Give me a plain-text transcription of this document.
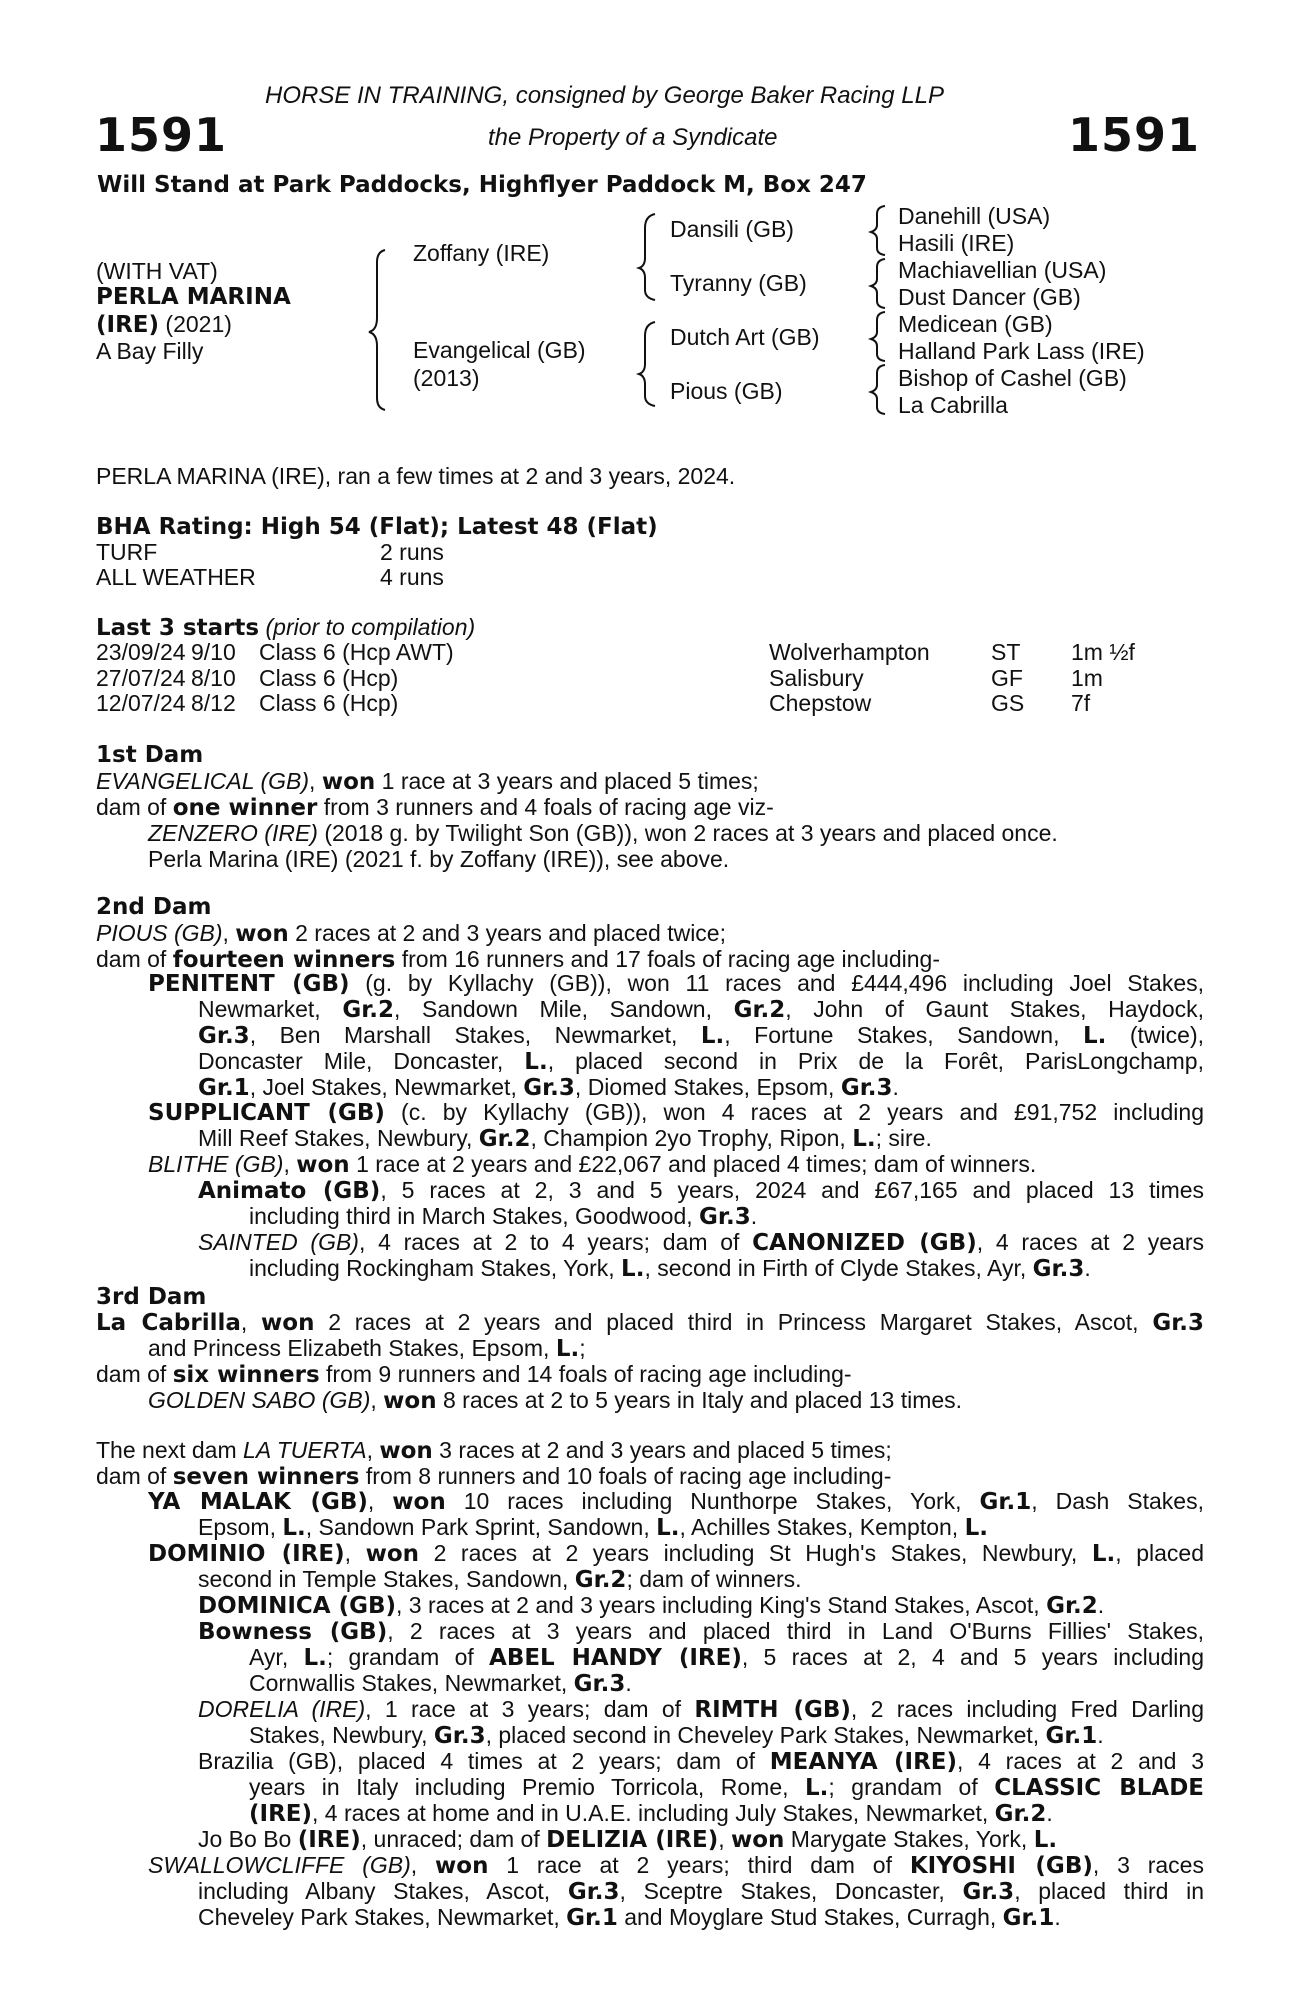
1591	1591
HORSE IN TRAINING, consigned by George Baker Racing LLP
the Property of a Syndicate
Will Stand at Park Paddocks, Highflyer Paddock M, Box 247
(WITH VAT)
PERLA MARINA
(IRE) (2021)
A Bay Filly
Zoffany (IRE)
Evangelical (GB)
(2013)
Dansili (GB)
Tyranny (GB)
Dutch Art (GB)
Pious (GB)
Danehill (USA)
Hasili (IRE)
Machiavellian (USA)
Dust Dancer (GB)
Medicean (GB)
Halland Park Lass (IRE)
Bishop of Cashel (GB)
La Cabrilla
PERLA MARINA (IRE), ran a few times at 2 and 3 years, 2024.
BHA Rating: High 54 (Flat); Latest 48 (Flat)
TURF	2 runs
ALL WEATHER	4 runs
Last 3 starts (prior to compilation)
23/09/24	9/10	Class 6 (Hcp AWT)	Wolverhampton	ST	1m ½f
27/07/24	8/10	Class 6 (Hcp)	Salisbury	GF	1m
12/07/24	8/12	Class 6 (Hcp)	Chepstow	GS	7f
1st Dam
EVANGELICAL (GB), won 1 race at 3 years and placed 5 times;
dam of one winner from 3 runners and 4 foals of racing age viz-
ZENZERO (IRE) (2018 g. by Twilight Son (GB)), won 2 races at 3 years and placed once.
Perla Marina (IRE) (2021 f. by Zoffany (IRE)), see above.
2nd Dam
PIOUS (GB), won 2 races at 2 and 3 years and placed twice;
dam of fourteen winners from 16 runners and 17 foals of racing age including-
PENITENT (GB) (g. by Kyllachy (GB)), won 11 races and £444,496 including Joel Stakes,
Newmarket, Gr.2, Sandown Mile, Sandown, Gr.2, John of Gaunt Stakes, Haydock,
Gr.3, Ben Marshall Stakes, Newmarket, L., Fortune Stakes, Sandown, L. (twice),
Doncaster Mile, Doncaster, L., placed second in Prix de la Forêt, ParisLongchamp,
Gr.1, Joel Stakes, Newmarket, Gr.3, Diomed Stakes, Epsom, Gr.3.
SUPPLICANT (GB) (c. by Kyllachy (GB)), won 4 races at 2 years and £91,752 including
Mill Reef Stakes, Newbury, Gr.2, Champion 2yo Trophy, Ripon, L.; sire.
BLITHE (GB), won 1 race at 2 years and £22,067 and placed 4 times; dam of winners.
Animato (GB), 5 races at 2, 3 and 5 years, 2024 and £67,165 and placed 13 times
including third in March Stakes, Goodwood, Gr.3.
SAINTED (GB), 4 races at 2 to 4 years; dam of CANONIZED (GB), 4 races at 2 years
including Rockingham Stakes, York, L., second in Firth of Clyde Stakes, Ayr, Gr.3.
3rd Dam
La Cabrilla, won 2 races at 2 years and placed third in Princess Margaret Stakes, Ascot, Gr.3
and Princess Elizabeth Stakes, Epsom, L.;
dam of six winners from 9 runners and 14 foals of racing age including-
GOLDEN SABO (GB), won 8 races at 2 to 5 years in Italy and placed 13 times.
The next dam LA TUERTA, won 3 races at 2 and 3 years and placed 5 times;
dam of seven winners from 8 runners and 10 foals of racing age including-
YA MALAK (GB), won 10 races including Nunthorpe Stakes, York, Gr.1, Dash Stakes,
Epsom, L., Sandown Park Sprint, Sandown, L., Achilles Stakes, Kempton, L.
DOMINIO (IRE), won 2 races at 2 years including St Hugh's Stakes, Newbury, L., placed
second in Temple Stakes, Sandown, Gr.2; dam of winners.
DOMINICA (GB), 3 races at 2 and 3 years including King's Stand Stakes, Ascot, Gr.2.
Bowness (GB), 2 races at 3 years and placed third in Land O'Burns Fillies' Stakes,
Ayr, L.; grandam of ABEL HANDY (IRE), 5 races at 2, 4 and 5 years including
Cornwallis Stakes, Newmarket, Gr.3.
DORELIA (IRE), 1 race at 3 years; dam of RIMTH (GB), 2 races including Fred Darling
Stakes, Newbury, Gr.3, placed second in Cheveley Park Stakes, Newmarket, Gr.1.
Brazilia (GB), placed 4 times at 2 years; dam of MEANYA (IRE), 4 races at 2 and 3
years in Italy including Premio Torricola, Rome, L.; grandam of CLASSIC BLADE
(IRE), 4 races at home and in U.A.E. including July Stakes, Newmarket, Gr.2.
Jo Bo Bo (IRE), unraced; dam of DELIZIA (IRE), won Marygate Stakes, York, L.
SWALLOWCLIFFE (GB), won 1 race at 2 years; third dam of KIYOSHI (GB), 3 races
including Albany Stakes, Ascot, Gr.3, Sceptre Stakes, Doncaster, Gr.3, placed third in
Cheveley Park Stakes, Newmarket, Gr.1 and Moyglare Stud Stakes, Curragh, Gr.1.
